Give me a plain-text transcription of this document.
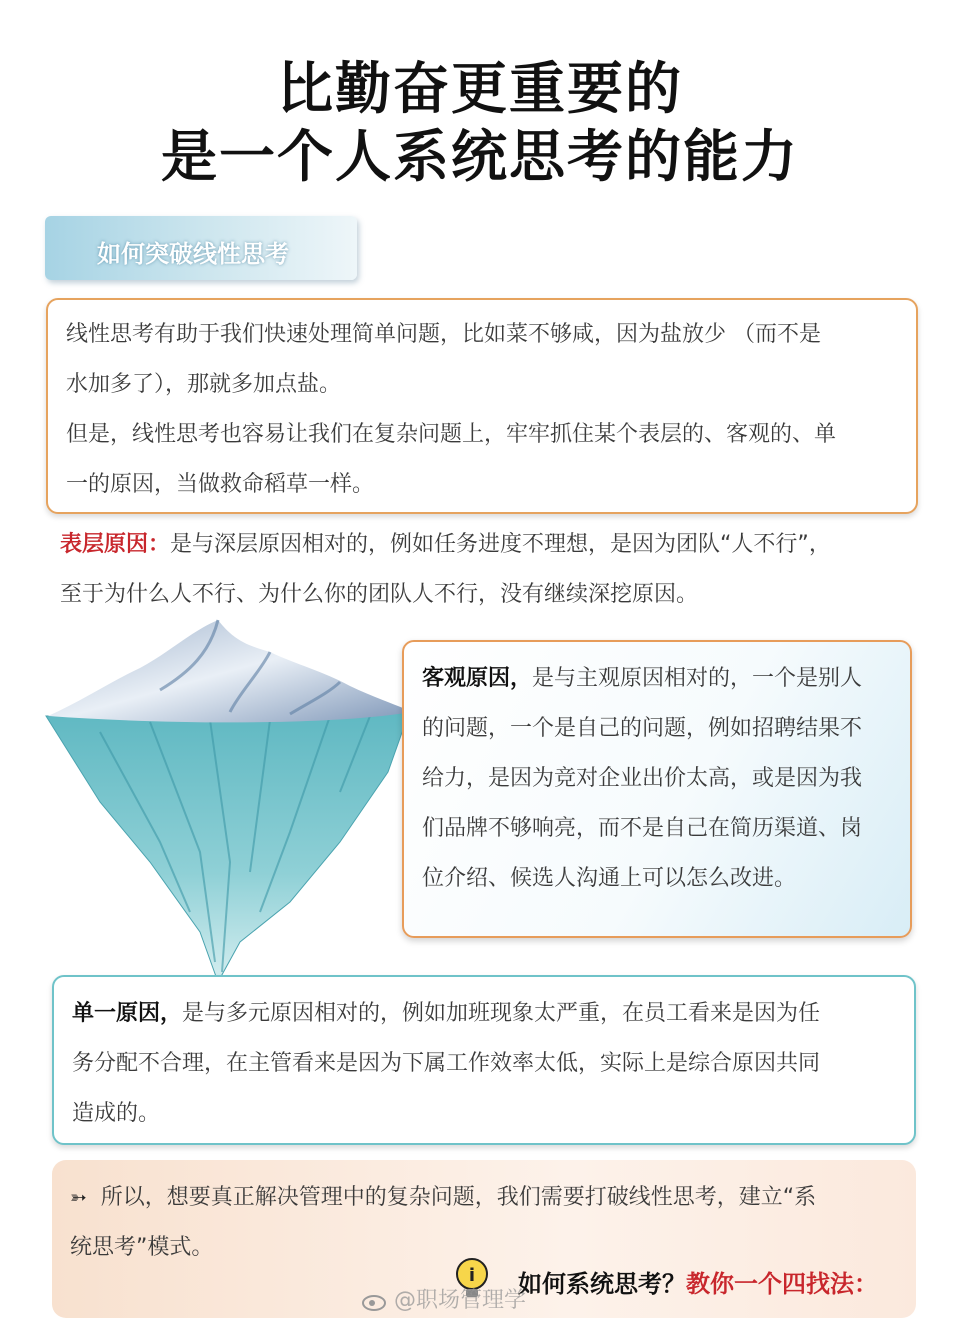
比勤奋更重要的
是一个人系统思考的能力
如何突破线性思考

线性思考有助于我们快速处理简单问题，比如菜不够咸，因为盐放少 （而不是

水加多了），那就多加点盐。

但是，线性思考也容易让我们在复杂问题上，牢牢抓住某个表层的、客观的、单

一的原因，当做救命稻草一样。

表层原因：是与深层原因相对的，例如任务进度不理想，是因为团队“人不行”，
至于为什么人不行、为什么你的团队人不行，没有继续深挖原因。

客观原因，是与主观原因相对的，一个是别人

的问题，一个是自己的问题，例如招聘结果不

给力，是因为竞对企业出价太高，或是因为我

们品牌不够响亮，而不是自己在简历渠道、岗

位介绍、候选人沟通上可以怎么改进。

单一原因，是与多元原因相对的，例如加班现象太严重，在员工看来是因为任

务分配不合理，在主管看来是因为下属工作效率太低，实际上是综合原因共同

造成的。

➳ 所以，想要真正解决管理中的复杂问题，我们需要打破线性思考，建立“系

统思考”模式。

i 如何系统思考？教你一个四找法：
@职场管理学
